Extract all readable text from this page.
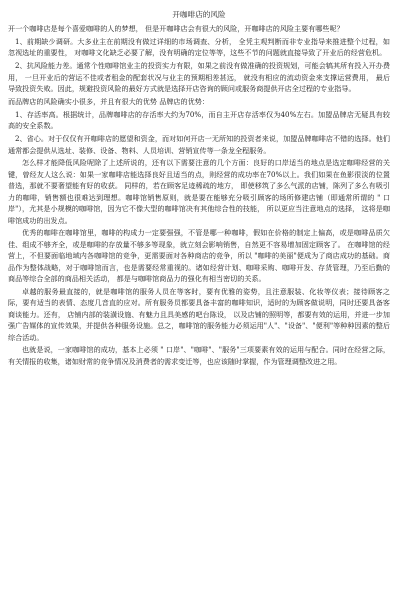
开咖啡店的风险

开一个咖啡店是每个喜爱咖啡的人的梦想， 但是开咖啡店会有很大的风险，开咖啡店的风险主要有哪些呢？

1、前期缺少调研。大多业主在前期没有做过详细的市场调查、分析， 全凭主观判断而非专业指导来推进整个过程，如忽视选址的重要性， 对咖啡文化缺乏必要了解，没有明确的定位等等，这些不节的问题就直接导致了开业后的经营危机。

2、抗风险能力差。通常个性咖啡馆业主的投资实力有限，如果之前没有做准确的投资规划，可能会犒其所有投入开办费用， 一旦开业后的营运不佳或者租金的配套状况与业主的预期相差甚远， 就没有相应的流动资金来支撑运营费用， 最后导致投资失败。因此，规避投资风险的最好方式就是选择开店咨询的顾问或服务商提供开店全过程的专业指导。

而品牌店的风险确实小很多，并且有很大的优势 品牌店的优势：

1、存活率高。根据统计，品牌咖啡店的存活率大约为70%，而自主开店存活率仅为40%左右。加盟品牌店无疑具有较高的安全系数。

2、省心。对于仅仅有开咖啡店的愿望和资金，而对如何开店一无所知的投资者来说，加盟品牌咖啡店不错的选择。他们通常都会提供从选址、装修、设备、物料、人员培训、营销宣传等一条龙全程服务。

怎么样才能降低风险呢除了上述所说的，还有以下需要注意的几个方面：良好的口岸适当的地点是选定咖啡经营的关键，曾经友人这么说：如果一家咖啡店能选择良好且适当的点，则经营的成功率在70%以上。我们如果在鱼影很淡的位置普选，那就不要奢望能有好的收获。 同样的，若在顾客足迹稀疏的地方， 即使移筑了多么气派的店铺，陈列了多么有吸引力的咖啡，销售额也很难达到理想。咖啡馆销售原则，就是要在能够充分吸引顾客的场所修建店铺（即通常所谓的 " 口岸"），尤其是小规模的咖啡馆，因为它不像大型的咖啡馆决有其他综合性的技能， 所以更应当注意地点的选择， 这将是咖啡馆成功的出发点。

优秀的咖啡在咖啡馆里，咖啡的构成力一定要强强，不管是哪一种咖啡，假如在价格的制定上偏高，或是咖啡品质欠佳、组成不够齐全，或是咖啡的存放量不够多等现象，就立刻会影响销售，自然更不容易增加固定顾客了。 在咖啡馆的经营上，不但要面临地域内各咖啡馆的竞争，更需要面对各种商店的竞争，所以 "咖啡的美丽"便成为了商店成功的基础。商品作为整体战略，对于咖啡馆而言，也是需要经常重视的。诸如经营计划、咖啡采购、咖啡开发、存货管理，乃至后勤的商品等综合全部的商品相关活动， 都是与咖啡馆商品力的强化有相当密切的关系。

卓越的服务最直接的，就是咖啡馆的服务人员在等客时，要有优雅的姿势，且注意服装、化妆等仪表；接待顾客之际，要有适当的表情、态度几音直的应对。所有服务员都要具备丰富的咖啡知识，适时的为顾客做说明，同时还要具备客商谈能力。还有， 店铺内部的装潢设施、有魅力且具美感的吧台陈设， 以及店铺的照明等，都要有效的运用，并进一步加强广告媒体的宣传效果，并提供各种服务设施。总之，咖啡馆的服务能力必须运用"人"、"设备"、"便利"等种种因素的整后综合活动。

也就是说，一家咖啡馆的成功，基本上必须 " 口岸"、"咖啡"、"服务"三项要素有效的运用与配合。同时在经营之际，有关情报的收集，诸如财常的竞争情况及消费者的需求变迁等，也应该随时掌握，作为管理调整改进之用。
